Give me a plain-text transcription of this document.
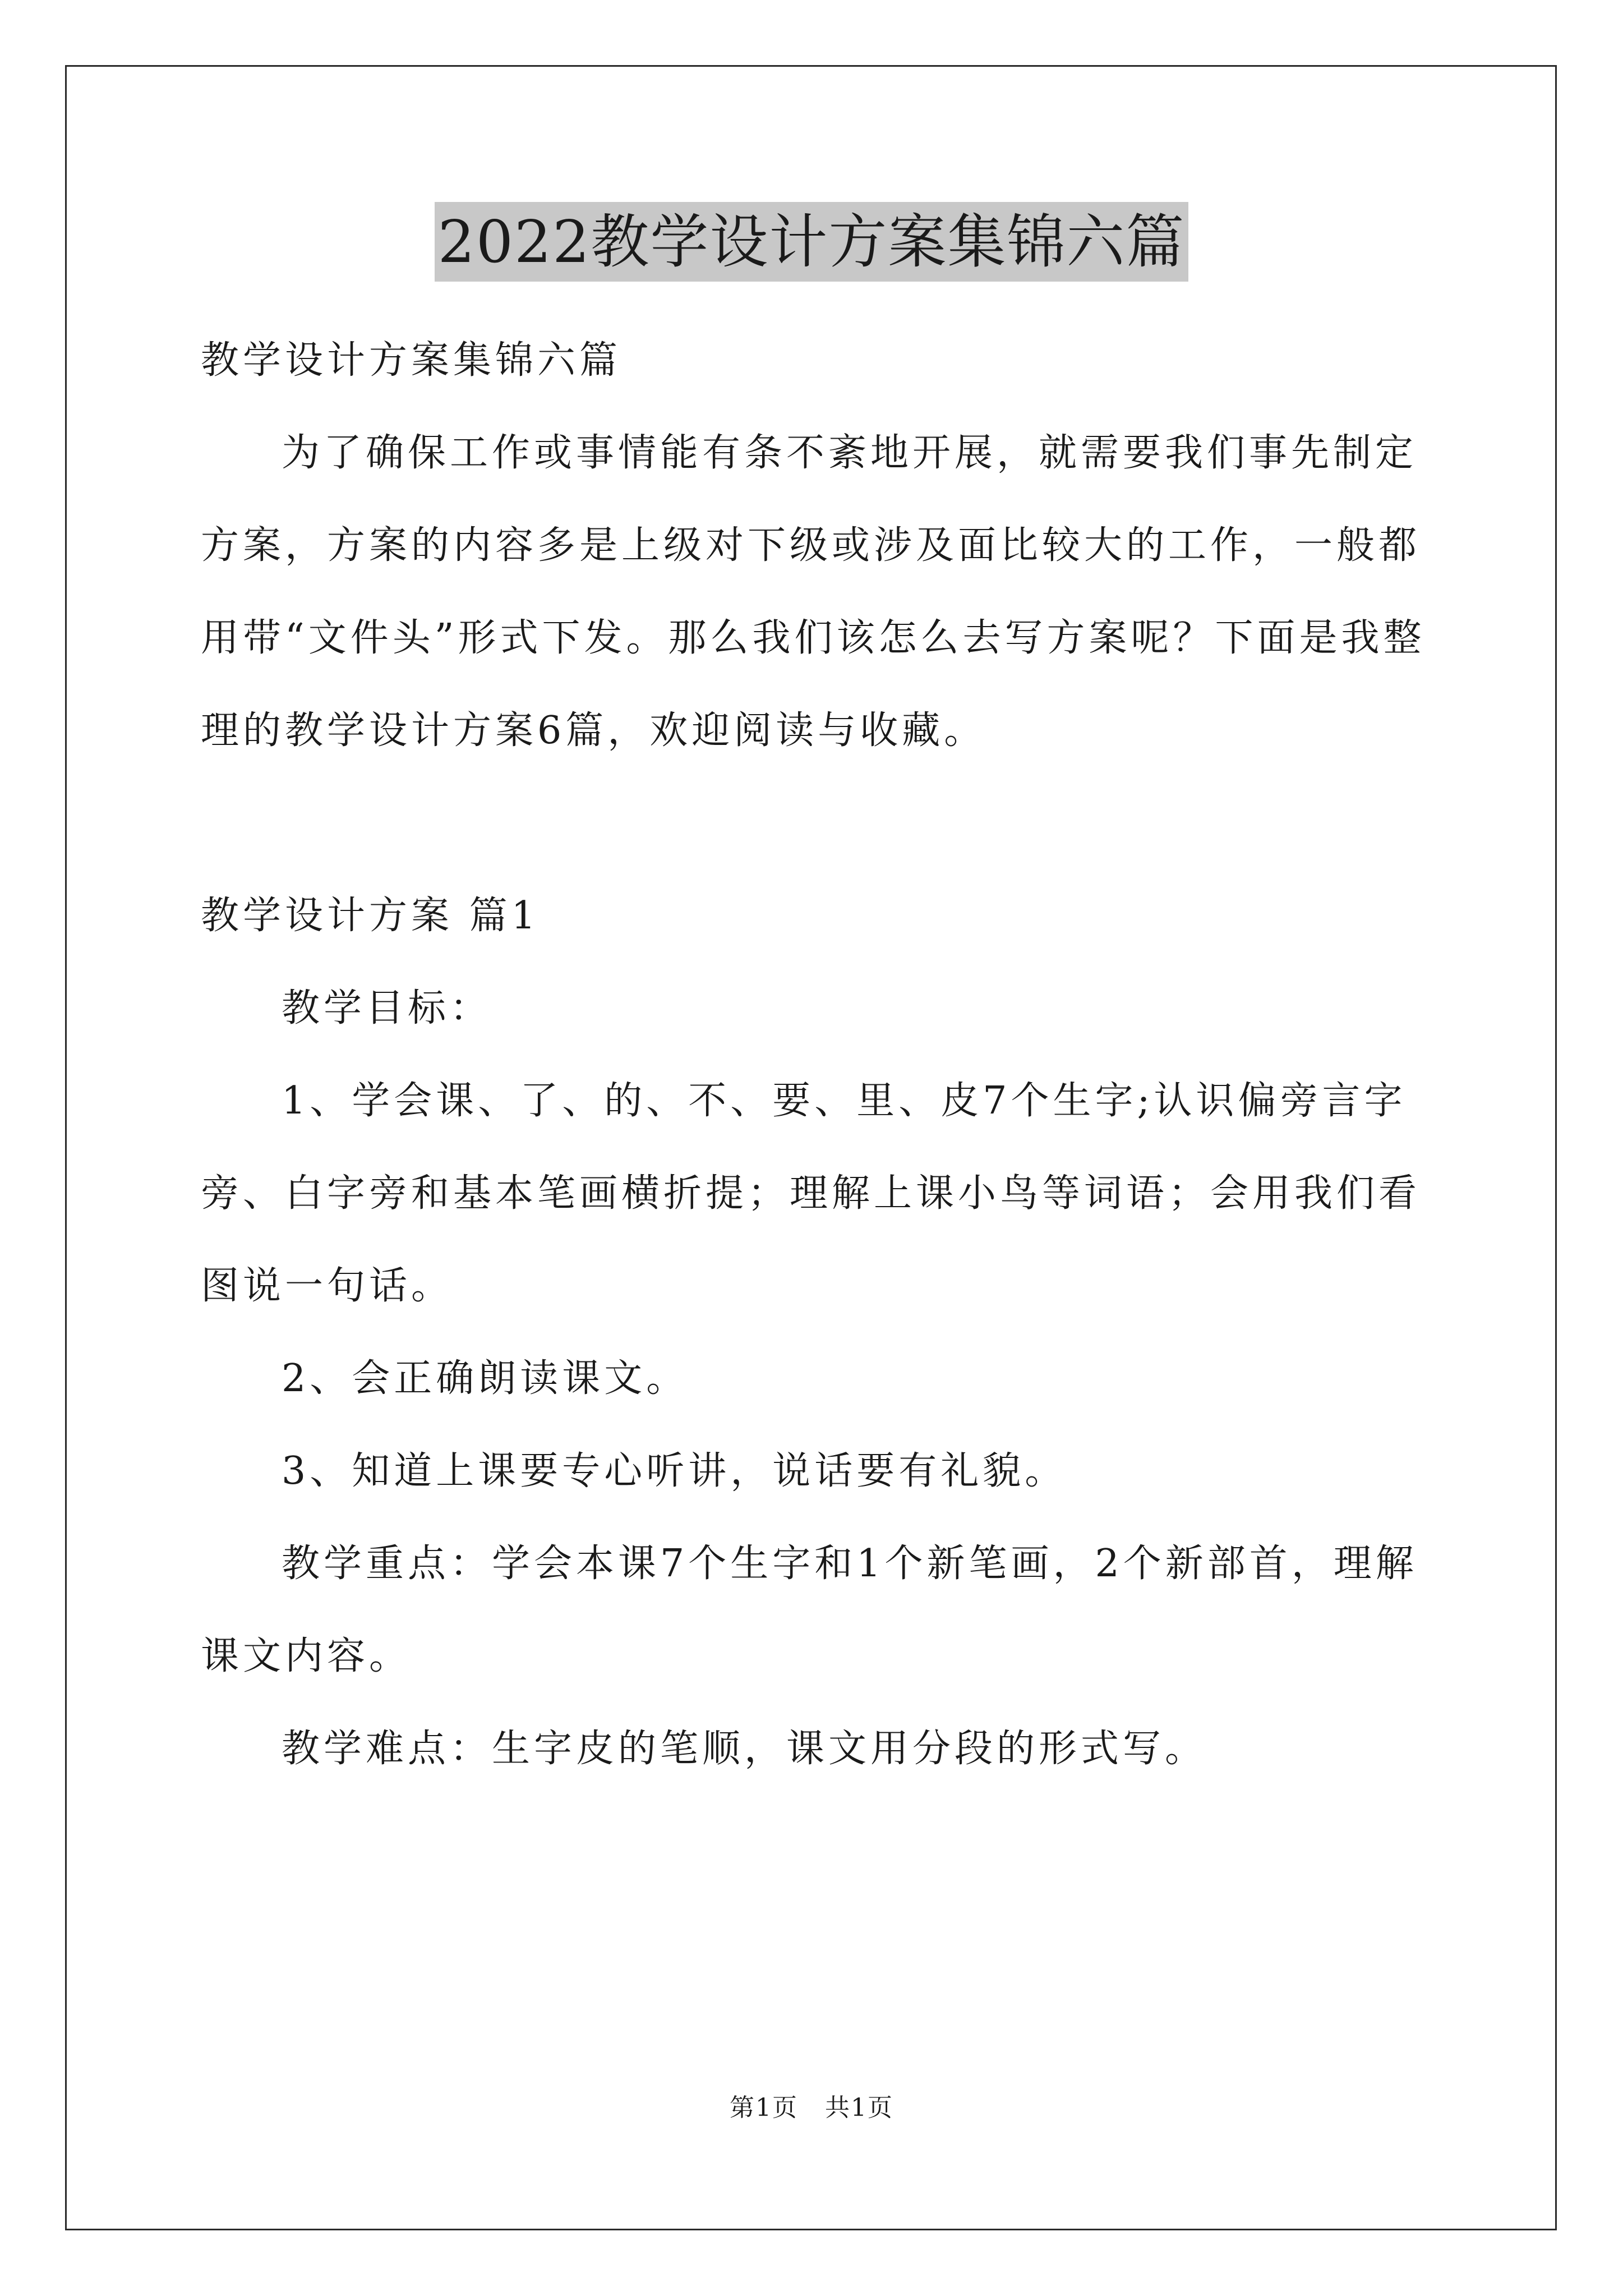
2022教学设计方案集锦六篇

教学设计方案集锦六篇

为了确保工作或事情能有条不紊地开展，就需要我们事先制定方案，方案的内容多是上级对下级或涉及面比较大的工作，一般都用带“文件头”形式下发。那么我们该怎么去写方案呢？下面是我整理的教学设计方案6篇，欢迎阅读与收藏。

教学设计方案 篇1

教学目标：

1、学会课、了、的、不、要、里、皮7个生字;认识偏旁言字旁、白字旁和基本笔画横折提；理解上课小鸟等词语；会用我们看图说一句话。

2、会正确朗读课文。

3、知道上课要专心听讲，说话要有礼貌。

教学重点：学会本课7个生字和1个新笔画，2个新部首，理解课文内容。

教学难点：生字皮的笔顺，课文用分段的形式写。

第1页 共1页
